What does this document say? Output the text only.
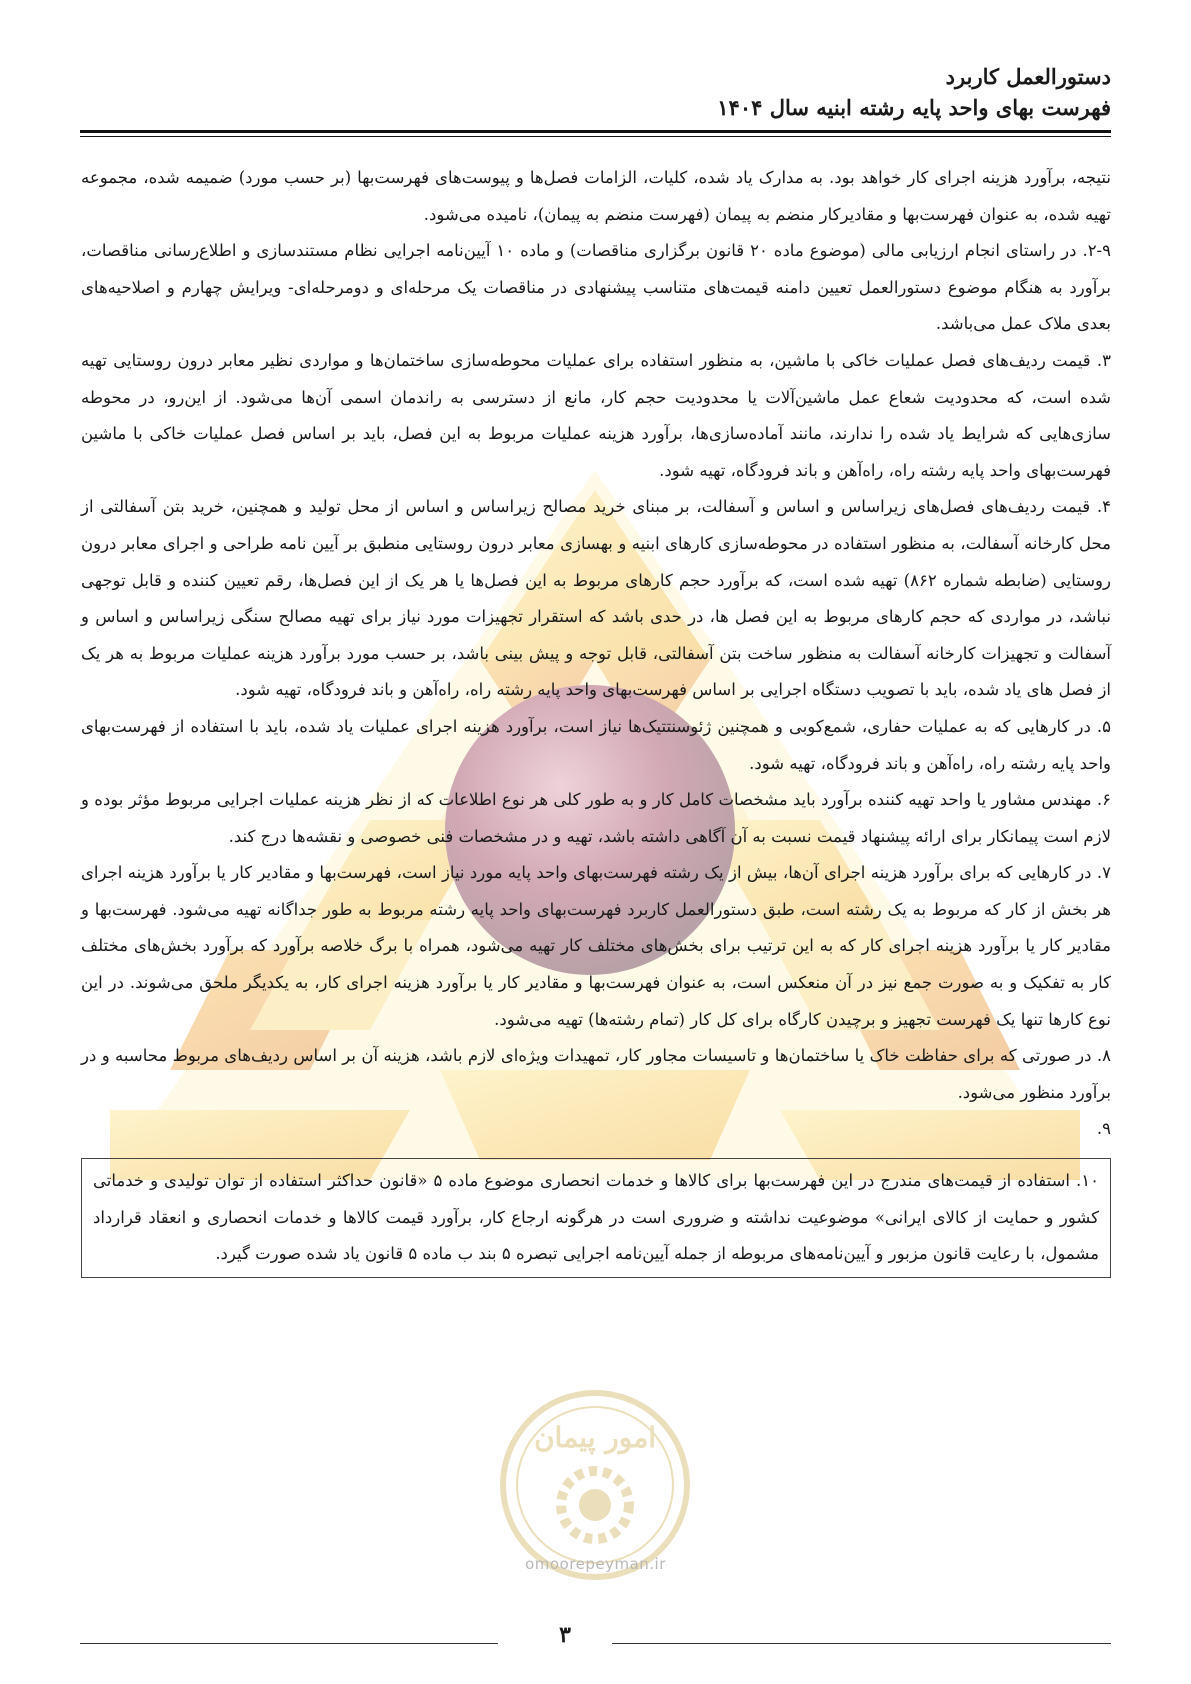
امور پیمان
omoorepeyman.ir
دستورالعمل کاربرد
فهرست بهای واحد پایه رشته ابنیه سال ۱۴۰۴

نتیجه، برآورد هزینه اجرای کار خواهد بود. به مدارک یاد شده، کلیات، الزامات فصل‌ها و پیوست‌های فهرست‌بها (بر حسب مورد) ضمیمه شده، مجموعه تهیه شده، به عنوان فهرست‌بها و مقادیرکار منضم به پیمان (فهرست منضم به پیمان)، نامیده می‌شود.

۲-۹. در راستای انجام ارزیابی مالی (موضوع ماده ۲۰ قانون برگزاری مناقصات) و ماده ۱۰ آیین‌نامه اجرایی نظام مستندسازی و اطلاع‌رسانی مناقصات، برآورد به هنگام موضوع دستورالعمل تعیین دامنه قیمت‌های متناسب پیشنهادی در مناقصات یک مرحله‌ای و دومرحله‌ای- ویرایش چهارم و اصلاحیه‌های بعدی ملاک عمل می‌باشد.

۳. قیمت ردیف‌های فصل عملیات خاکی با ماشین، به منظور استفاده برای عملیات محوطه‌سازی ساختمان‌ها و مواردی نظیر معابر درون روستایی تهیه شده است، که محدودیت شعاع عمل ماشین‌آلات یا محدودیت حجم کار، مانع از دسترسی به راندمان اسمی آن‌ها می‌شود. از این‌رو، در محوطه سازی‌هایی که شرایط یاد شده را ندارند، مانند آماده‌سازی‌ها، برآورد هزینه عملیات مربوط به این فصل، باید بر اساس فصل عملیات خاکی با ماشین فهرست‌بهای واحد پایه رشته راه، راه‌آهن و باند فرودگاه، تهیه شود.

۴. قیمت ردیف‌های فصل‌های زیراساس و اساس و آسفالت، بر مبنای خرید مصالح زیراساس و اساس از محل تولید و همچنین، خرید بتن آسفالتی از محل کارخانه آسفالت، به منظور استفاده در محوطه‌سازی کارهای ابنیه و بهسازی معابر درون روستایی منطبق بر آیین نامه طراحی و اجرای معابر درون روستایی (ضابطه شماره ۸۶۲) تهیه شده است، که برآورد حجم کارهای مربوط به این فصل‌ها یا هر یک از این فصل‌ها، رقم تعیین کننده و قابل توجهی نباشد، در مواردی که حجم کارهای مربوط به این فصل ها، در حدی باشد که استقرار تجهیزات مورد نیاز برای تهیه مصالح سنگی زیراساس و اساس و آسفالت و تجهیزات کارخانه آسفالت به منظور ساخت بتن آسفالتی، قابل توجه و پیش بینی باشد، بر حسب مورد برآورد هزینه عملیات مربوط به هر یک از فصل های یاد شده، باید با تصویب دستگاه اجرایی بر اساس فهرست‌بهای واحد پایه رشته راه، راه‌آهن و باند فرودگاه، تهیه شود.

۵. در کارهایی که به عملیات حفاری، شمع‌کوبی و همچنین ژئوسنتتیک‌ها نیاز است، برآورد هزینه اجرای عملیات یاد شده، باید با استفاده از فهرست‌بهای واحد پایه رشته راه، راه‌آهن و باند فرودگاه، تهیه شود.

۶. مهندس مشاور یا واحد تهیه کننده برآورد باید مشخصات کامل کار و به طور کلی هر نوع اطلاعات که از نظر هزینه عملیات اجرایی مربوط مؤثر بوده و لازم است پیمانکار برای ارائه پیشنهاد قیمت نسبت به آن آگاهی داشته باشد، تهیه و در مشخصات فنی خصوصی و نقشه‌ها درج کند.

۷. در کارهایی که برای برآورد هزینه اجرای آن‌ها، بیش از یک رشته فهرست‌بهای واحد پایه مورد نیاز است، فهرست‌بها و مقادیر کار یا برآورد هزینه اجرای هر بخش از کار که مربوط به یک رشته است، طبق دستورالعمل کاربرد فهرست‌بهای واحد پایه رشته مربوط به طور جداگانه تهیه می‌شود. فهرست‌بها و مقادیر کار یا برآورد هزینه اجرای کار که به این ترتیب برای بخش‌های مختلف کار تهیه می‌شود، همراه با برگ خلاصه برآورد که برآورد بخش‌های مختلف کار به تفکیک و به صورت جمع نیز در آن منعکس است، به عنوان فهرست‌بها و مقادیر کار یا برآورد هزینه اجرای کار، به یکدیگر ملحق می‌شوند. در این نوع کارها تنها یک فهرست تجهیز و برچیدن کارگاه برای کل کار (تمام رشته‌ها) تهیه می‌شود.

۸. در صورتی که برای حفاظت خاک یا ساختمان‌ها و تاسیسات مجاور کار، تمهیدات ویژه‌ای لازم باشد، هزینه آن بر اساس ردیف‌های مربوط محاسبه و در برآورد منظور می‌شود.

۹.

۱۰. استفاده از قیمت‌های مندرج در این فهرست‌بها برای کالاها و خدمات انحصاری موضوع ماده ۵ «قانون حداکثر استفاده از توان تولیدی و خدماتی کشور و حمایت از کالای ایرانی» موضوعیت نداشته و ضروری است در هرگونه ارجاع کار، برآورد قیمت کالاها و خدمات انحصاری و انعقاد قرارداد مشمول، با رعایت قانون مزبور و آیین‌نامه‌های مربوطه از جمله آیین‌نامه اجرایی تبصره ۵ بند ب ماده ۵ قانون یاد شده صورت گیرد.

۳
